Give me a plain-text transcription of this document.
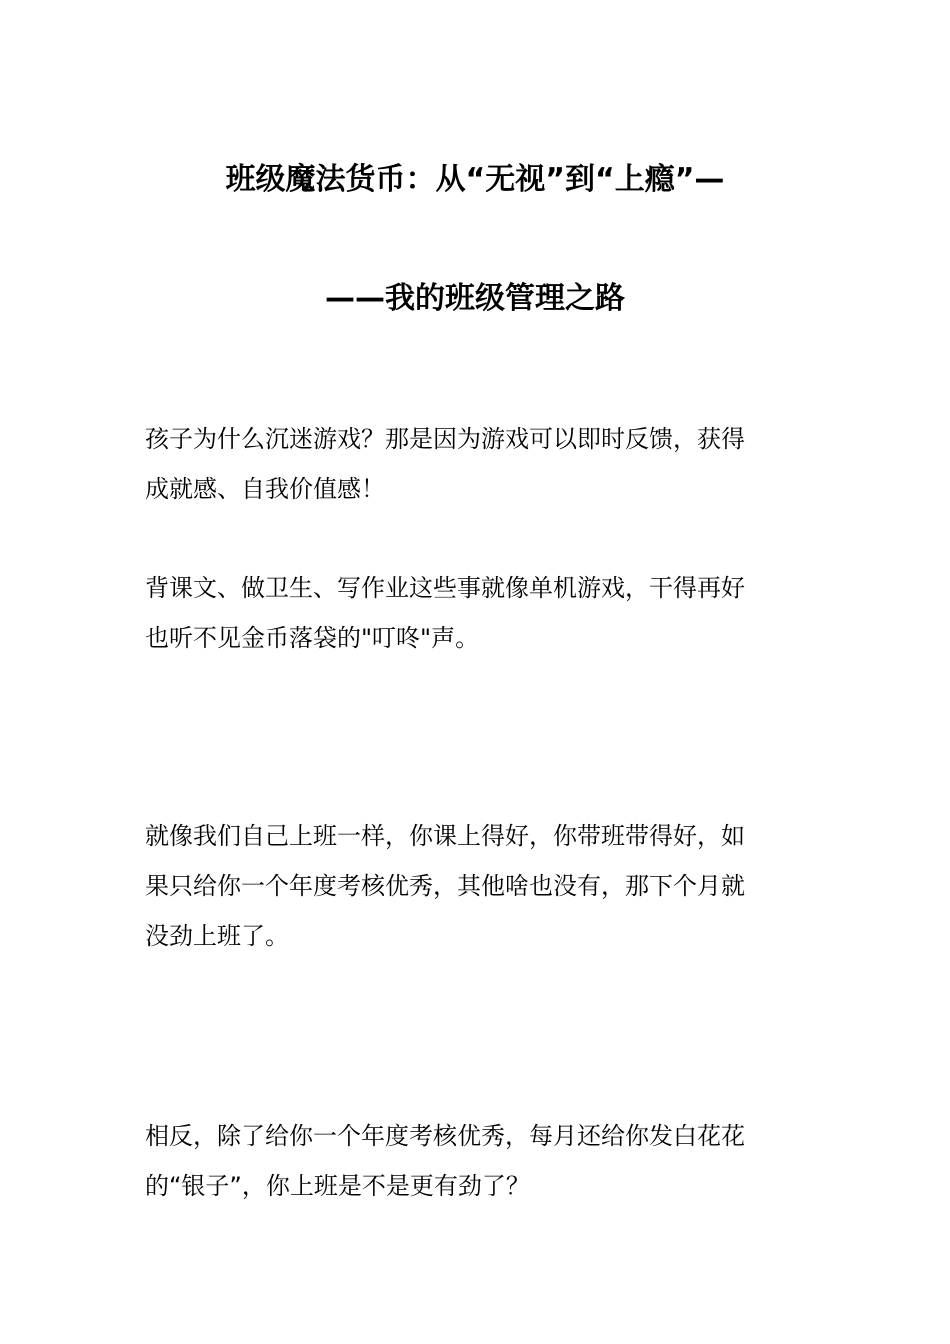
班级魔法货币：从“无视”到“上瘾”—
——我的班级管理之路

孩子为什么沉迷游戏？那是因为游戏可以即时反馈，获得
成就感、自我价值感！

背课文、做卫生、写作业这些事就像单机游戏，干得再好
也听不见金币落袋的"叮咚"声。

就像我们自己上班一样，你课上得好，你带班带得好，如
果只给你一个年度考核优秀，其他啥也没有，那下个月就
没劲上班了。

相反，除了给你一个年度考核优秀，每月还给你发白花花
的“银子”，你上班是不是更有劲了？
